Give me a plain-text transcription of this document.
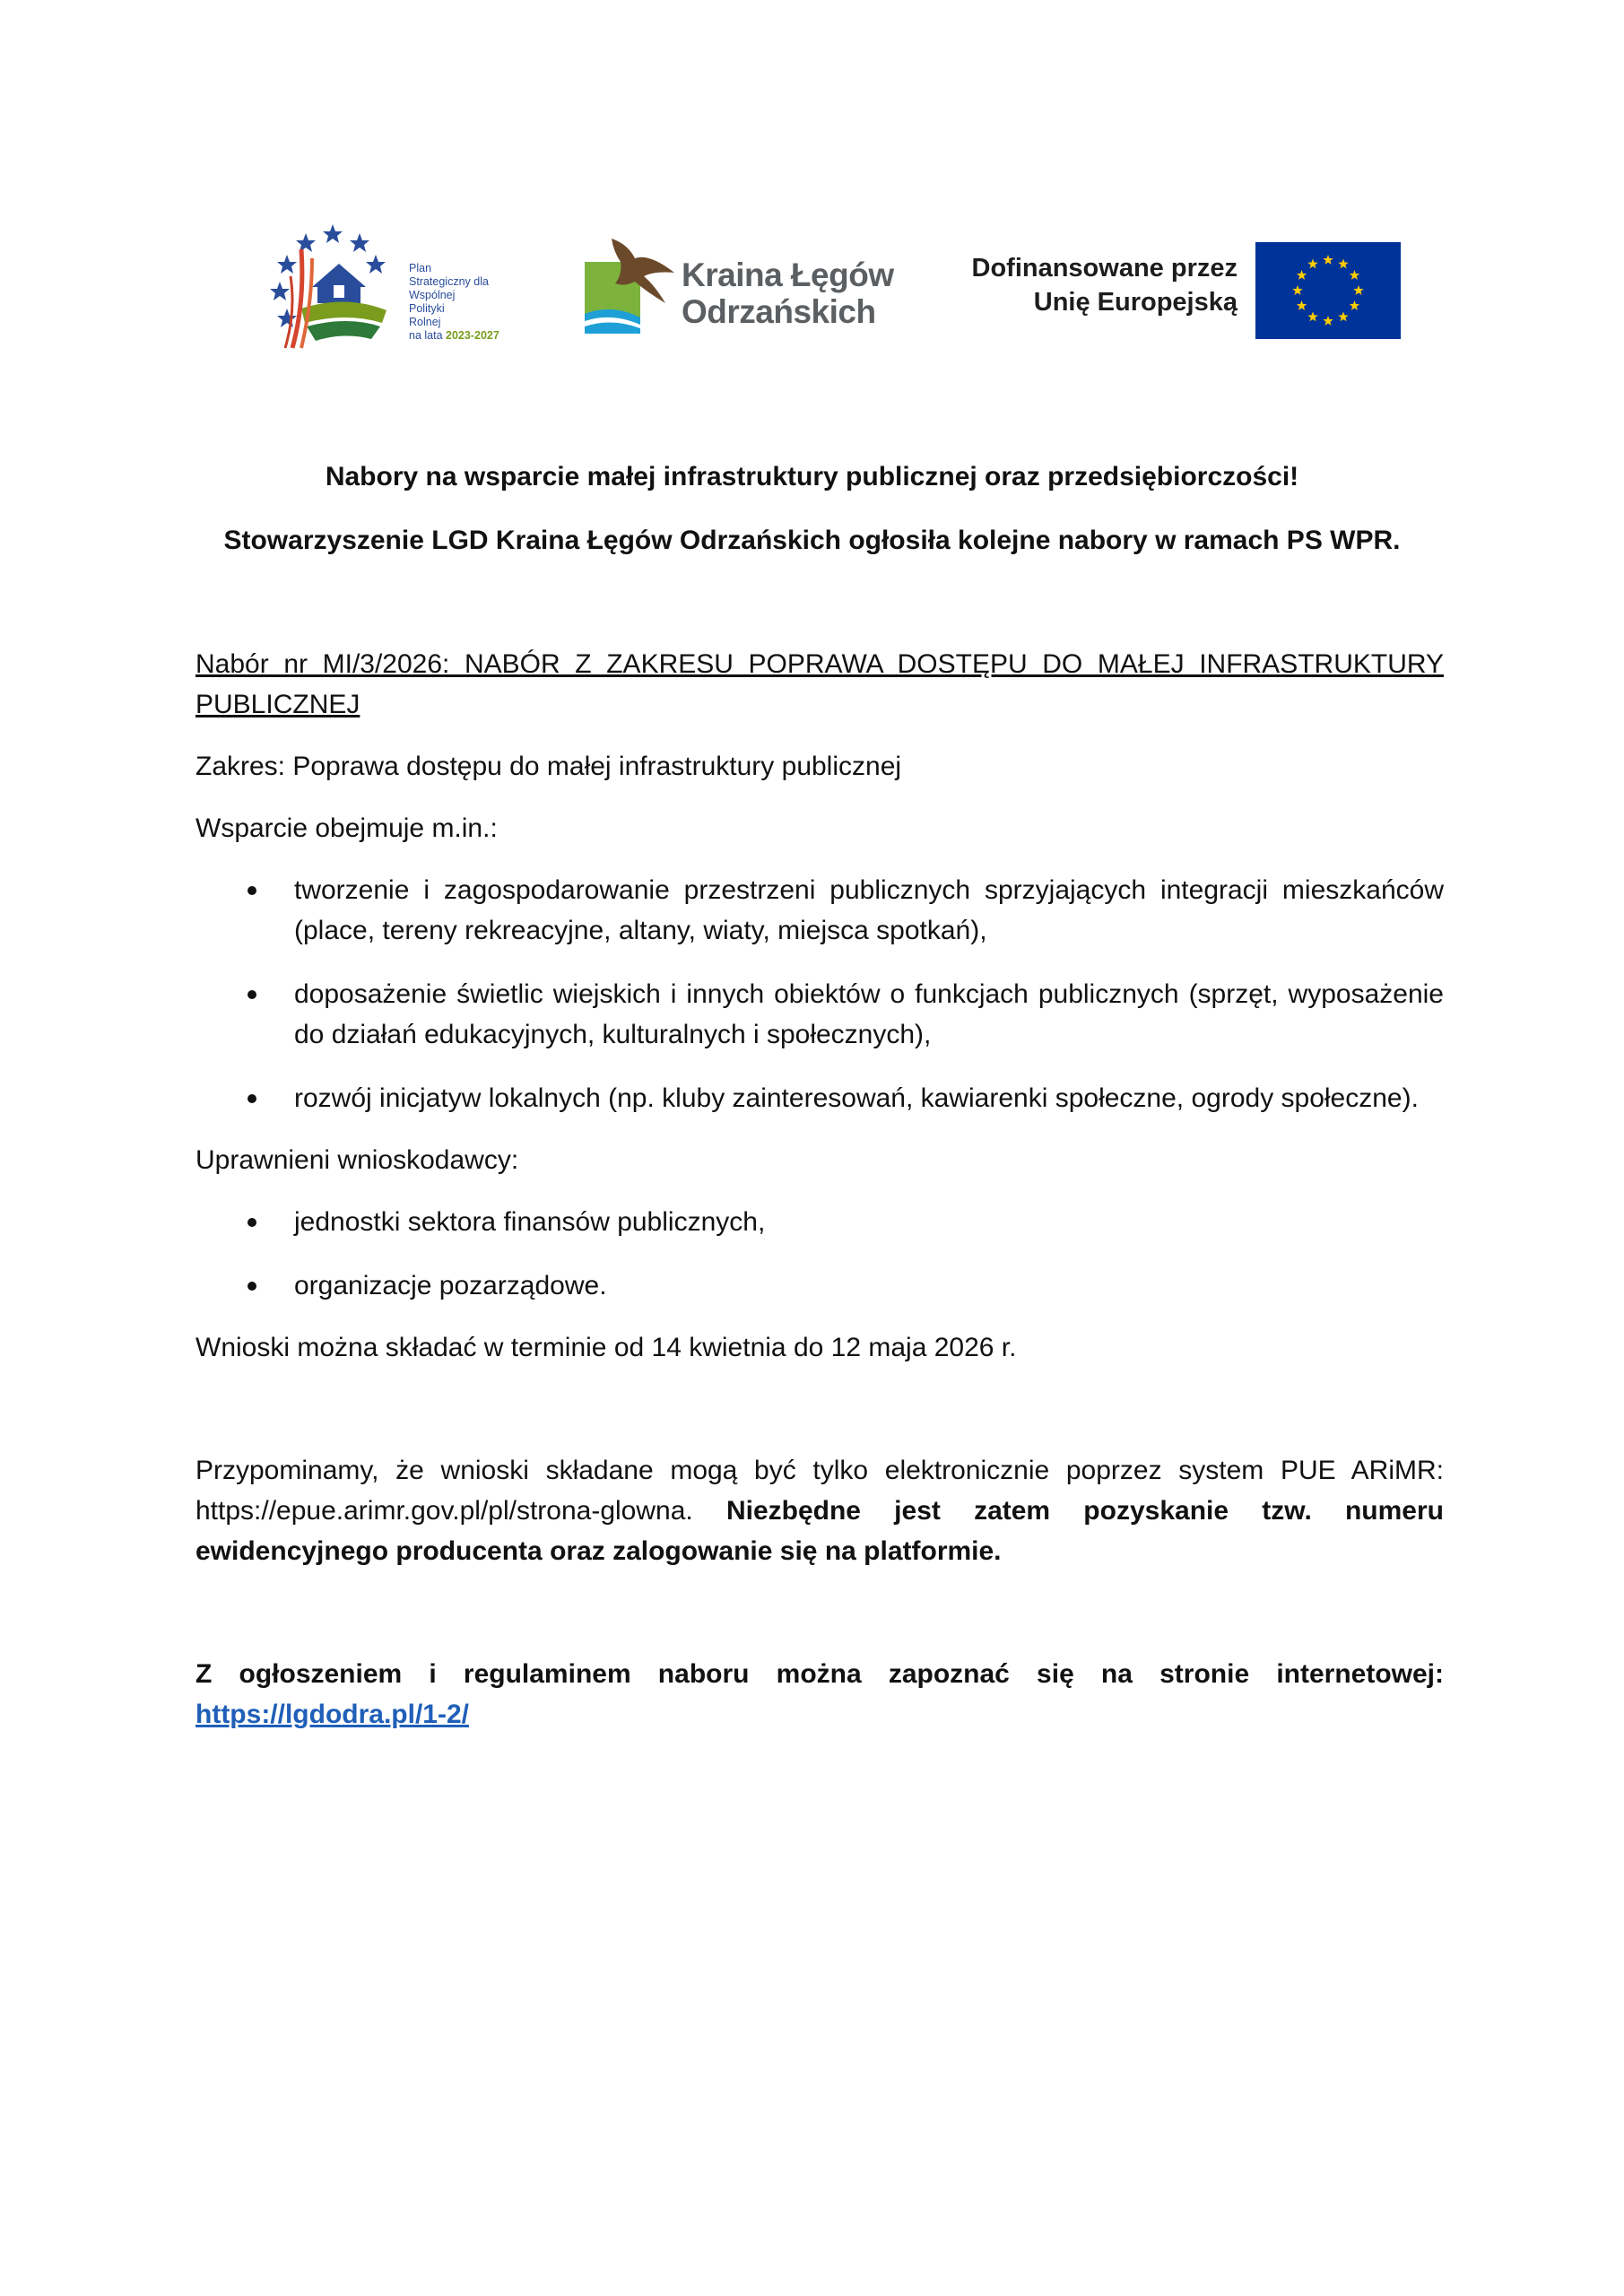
Plan
Strategiczny dla
Wspólnej
Polityki
Rolnej
na lata 2023-2027
Kraina Łęgów
Odrzańskich
Dofinansowane przez
Unię Europejską
Nabory na wsparcie małej infrastruktury publicznej oraz przedsiębiorczości!
Stowarzyszenie LGD Kraina Łęgów Odrzańskich ogłosiła kolejne nabory w ramach PS WPR.

Nabór nr MI/3/2026: NABÓR Z ZAKRESU POPRAWA DOSTĘPU DO MAŁEJ INFRASTRUKTURY PUBLICZNEJ

Zakres: Poprawa dostępu do małej infrastruktury publicznej

Wsparcie obejmuje m.in.:

tworzenie i zagospodarowanie przestrzeni publicznych sprzyjających integracji mieszkańców (place, tereny rekreacyjne, altany, wiaty, miejsca spotkań),
doposażenie świetlic wiejskich i innych obiektów o funkcjach publicznych (sprzęt, wyposażenie do działań edukacyjnych, kulturalnych i społecznych),
rozwój inicjatyw lokalnych (np. kluby zainteresowań, kawiarenki społeczne, ogrody społeczne).

Uprawnieni wnioskodawcy:

jednostki sektora finansów publicznych,
organizacje pozarządowe.

Wnioski można składać w terminie od 14 kwietnia do 12 maja 2026 r.

Przypominamy, że wnioski składane mogą być tylko elektronicznie poprzez system PUE ARiMR: https://epue.arimr.gov.pl/pl/strona-glowna. Niezbędne jest zatem pozyskanie tzw. numeru ewidencyjnego producenta oraz zalogowanie się na platformie.

Z ogłoszeniem i regulaminem naboru można zapoznać się na stronie internetowej: https://lgdodra.pl/1-2/
